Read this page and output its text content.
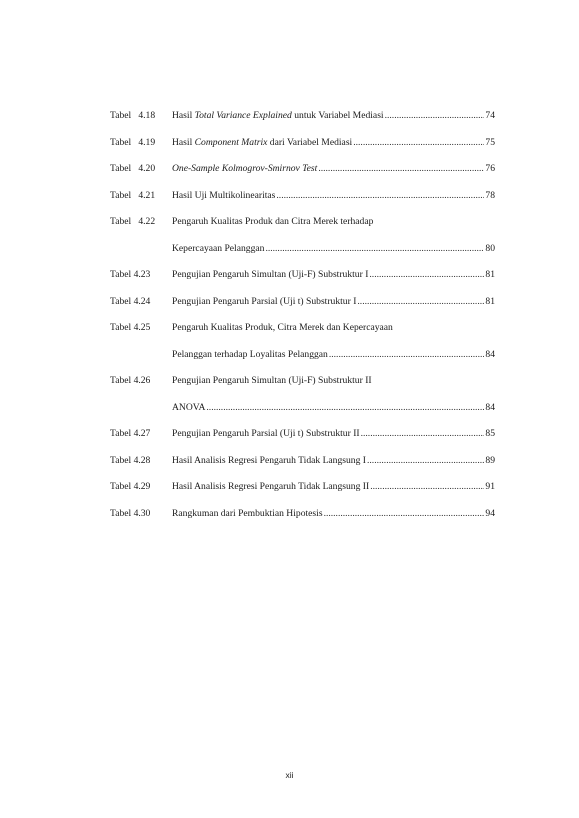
Tabel   4.18 Hasil Total Variance Explained untuk Variabel Mediasi .....	74
Tabel   4.19 Hasil Component Matrix dari Variabel Mediasi .....	75
Tabel   4.20 One-Sample Kolmogrov-Smirnov Test .....	76
Tabel   4.21 Hasil Uji Multikolinearitas .....	78
Tabel   4.22 Pengaruh Kualitas Produk dan Citra Merek terhadap
Kepercayaan Pelanggan .....	80
Tabel 4.23 Pengujian Pengaruh Simultan (Uji-F) Substruktur I .....	81
Tabel 4.24 Pengujian Pengaruh Parsial (Uji t) Substruktur I .....	81
Tabel 4.25 Pengaruh Kualitas Produk, Citra Merek dan Kepercayaan
Pelanggan terhadap Loyalitas Pelanggan .....	84
Tabel 4.26 Pengujian Pengaruh Simultan (Uji-F) Substruktur II
ANOVA .....	84
Tabel 4.27 Pengujian Pengaruh Parsial (Uji t) Substruktur II .....	85
Tabel 4.28 Hasil Analisis Regresi Pengaruh Tidak Langsung I .....	89
Tabel 4.29 Hasil Analisis Regresi Pengaruh Tidak Langsung II .....	91
Tabel 4.30 Rangkuman dari Pembuktian Hipotesis .....	94
xii
